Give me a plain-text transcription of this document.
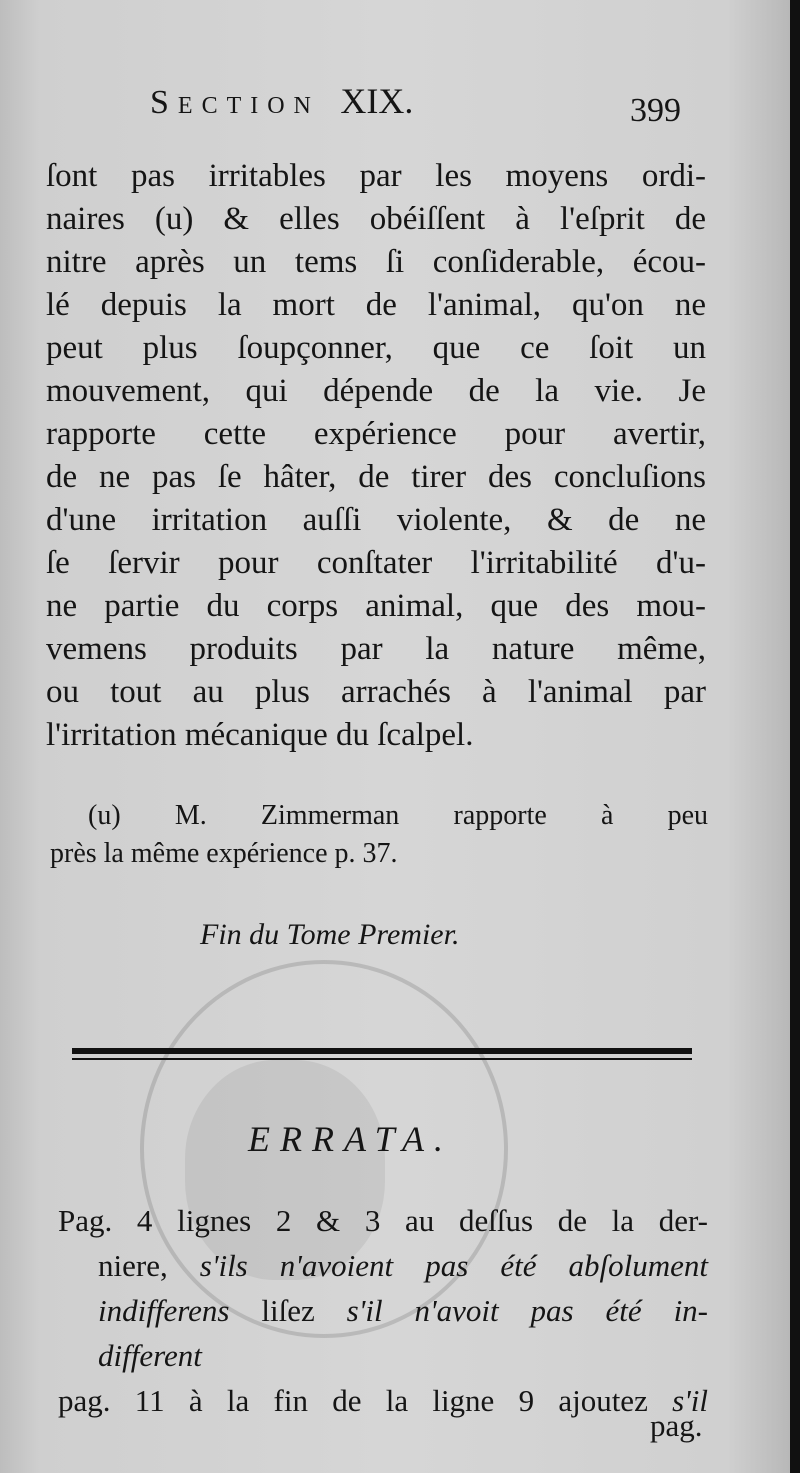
Section XIX.	399
ſont pas irritables par les moyens ordi-
naires (u) & elles obéiſſent à l'eſprit de
nitre après un tems ſi conſiderable, écou-
lé depuis la mort de l'animal, qu'on ne
peut plus ſoupçonner, que ce ſoit un
mouvement, qui dépende de la vie. Je
rapporte cette expérience pour avertir,
de ne pas ſe hâter, de tirer des concluſions
d'une irritation auſſi violente, & de ne
ſe ſervir pour conſtater l'irritabilité d'u-
ne partie du corps animal, que des mou-
vemens produits par la nature même,
ou tout au plus arrachés à l'animal par
l'irritation mécanique du ſcalpel.
(u) M. Zimmerman rapporte à peu
près la même expérience p. 37.
Fin du Tome Premier.
ERRATA.
Pag. 4 lignes 2 & 3 au deſſus de la der-
niere, s'ils n'avoient pas été abſolument
indifferens liſez s'il n'avoit pas été in-
different
pag. 11 à la fin de la ligne 9 ajoutez s'il
pag.
